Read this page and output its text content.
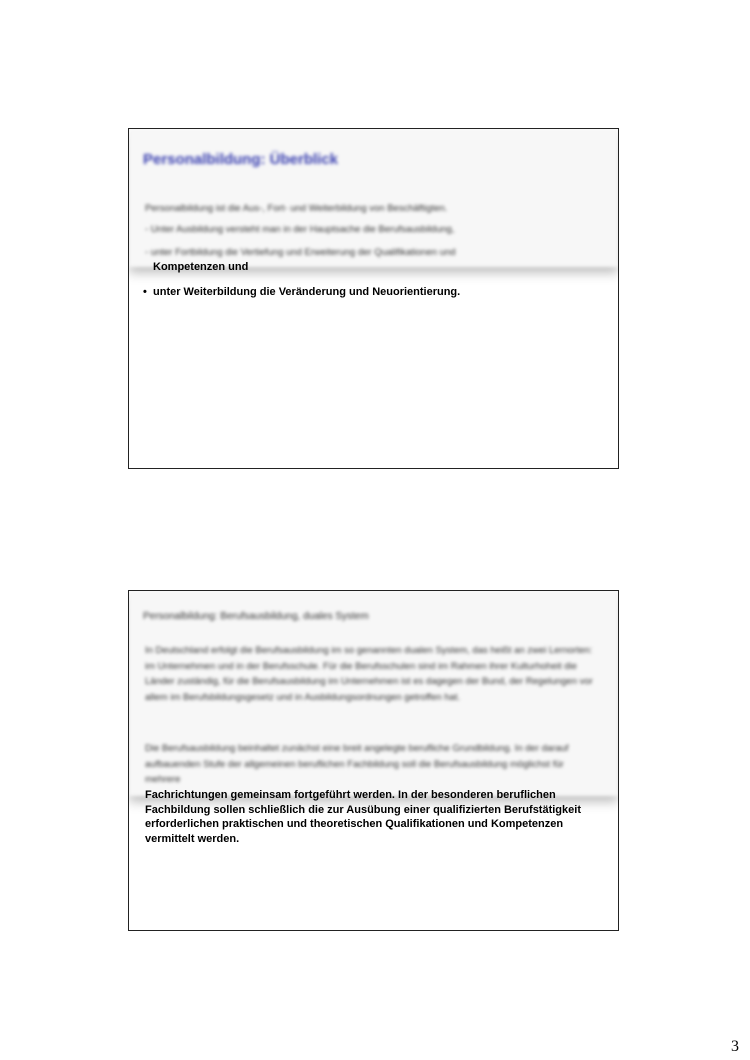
Personalbildung: Überblick
Personalbildung ist die Aus-, Fort- und Weiterbildung von Beschäftigten.
- Unter Ausbildung versteht man in der Hauptsache die Berufsausbildung,
- unter Fortbildung die Vertiefung und Erweiterung der Qualifikationen und
Kompetenzen und
• unter Weiterbildung die Veränderung und Neuorientierung.
Personalbildung: Berufsausbildung, duales System
In Deutschland erfolgt die Berufsausbildung im so genannten dualen System, das heißt an zwei Lernorten: im Unternehmen und in der Berufsschule. Für die Berufsschulen sind im Rahmen ihrer Kulturhoheit die Länder zuständig, für die Berufsausbildung im Unternehmen ist es dagegen der Bund, der Regelungen vor allem im Berufsbildungsgesetz und in Ausbildungsordnungen getroffen hat.
Die Berufsausbildung beinhaltet zunächst eine breit angelegte berufliche Grundbildung. In der darauf aufbauenden Stufe der allgemeinen beruflichen Fachbildung soll die Berufsausbildung möglichst für mehrere
Fachrichtungen gemeinsam fortgeführt werden. In der besonderen beruflichen Fachbildung sollen schließlich die zur Ausübung einer qualifizierten Berufstätigkeit erforderlichen praktischen und theoretischen Qualifikationen und Kompetenzen vermittelt werden.
3
